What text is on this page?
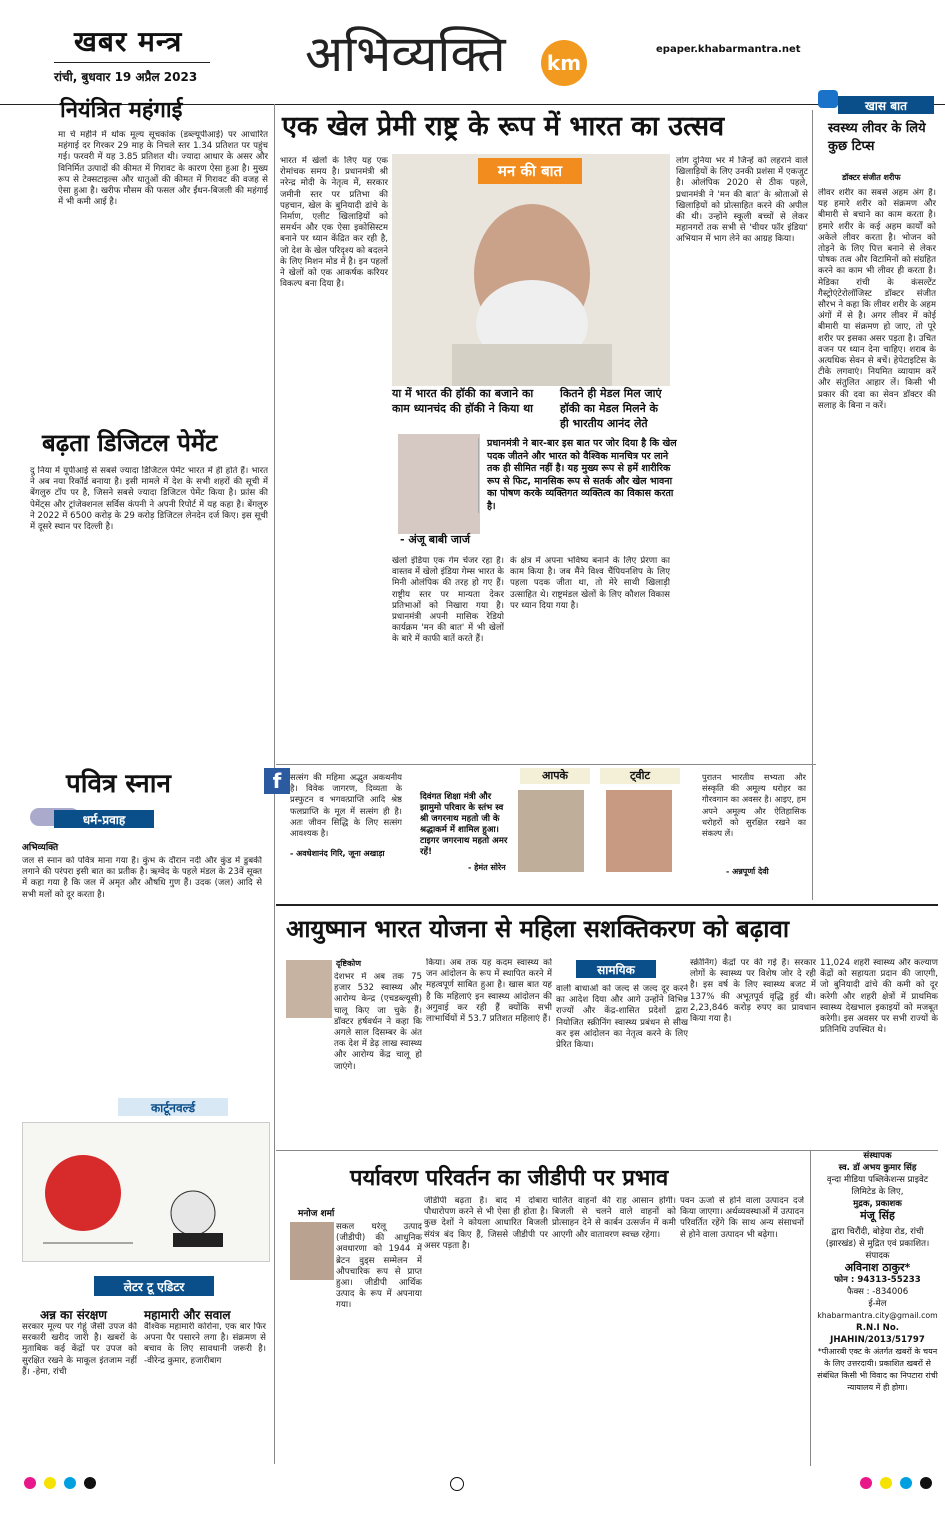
खबर मन्त्र
रांची, बुधवार 19 अप्रैल 2023 अभिव्यक्ति km
epaper.khabarmantra.net
नियंत्रित महंगाई
मा र्च महीने में थोक मूल्य सूचकांक (डब्ल्यूपीआई) पर आधारित महंगाई दर गिरकर 29 माह के निचले स्तर 1.34 प्रतिशत पर पहुंच गई। फरवरी में यह 3.85 प्रतिशत थी। ज्यादा आधार के असर और विनिर्मित उत्पादों की कीमत में गिरावट के कारण ऐसा हुआ है। मुख्य रूप से टेक्सटाइल्स और धातुओं की कीमत में गिरावट की वजह से ऐसा हुआ है। खरीफ मौसम की फसल और ईंधन-बिजली की महंगाई में भी कमी आई है।
बढ़ता डिजिटल पेमेंट
दु निया में यूपीआई से सबसे ज्यादा डिजिटल पेमेंट भारत में ही होते हैं। भारत ने अब नया रिकॉर्ड बनाया है। इसी मामले में देश के सभी शहरों की सूची में बेंगलुरु टॉप पर है, जिसने सबसे ज्यादा डिजिटल पेमेंट किया है। फ्रांस की पेमेंट्स और ट्रांजेक्शनल सर्विस कंपनी ने अपनी रिपोर्ट में यह कहा है। बेंगलुरु ने 2022 में 6500 करोड़ के 29 करोड़ डिजिटल लेनदेन दर्ज किए। इस सूची में दूसरे स्थान पर दिल्ली है।
पवित्र स्नान
धर्म-प्रवाह
अभिव्यक्ति
जल से स्नान को पवित्र माना गया है। कुंभ के दौरान नदी और कुंड में डुबकी लगाने की परंपरा इसी बात का प्रतीक है। ऋग्वेद के पहले मंडल के 23वें सूक्त में कहा गया है कि जल में अमृत और औषधि गुण हैं। उदक (जल) आदि से सभी मलों को दूर करता है।
कार्टूनवर्ल्ड
लेटर टू एडिटर
अन्न का संरक्षण
सरकार मूल्य पर गेहूं जैसी उपज की सरकारी खरीद जारी है। खबरों के मुताबिक कई केंद्रों पर उपज को सुरक्षित रखने के माकूल इंतजाम नहीं हैं। -हेमा, रांची
महामारी और सवाल
वैश्विक महामारी कोरोना, एक बार फिर अपना पैर पसारने लगा है। संक्रमण से बचाव के लिए सावधानी जरूरी है। -वीरेन्द्र कुमार, हजारीबाग
एक खेल प्रेमी राष्ट्र के रूप में भारत का उत्सव
मन की बात
या में भारत की हॉकी का बजाने का काम ध्यानचंद की हॉकी ने किया था
कितने ही मेडल मिल जाएं हॉकी का मेडल मिलने के ही भारतीय आनंद लेते
- अंजू बाबी जार्ज
प्रधानमंत्री ने बार-बार इस बात पर जोर दिया है कि खेल पदक जीतने और भारत को वैश्विक मानचित्र पर लाने तक ही सीमित नहीं है। यह मुख्य रूप से हमें शारीरिक रूप से फिट, मानसिक रूप से सतर्क और खेल भावना का पोषण करके व्यक्तिगत व्यक्तित्व का विकास करता है।
भारत में खेलों के लिए यह एक रोमांचक समय है। प्रधानमंत्री श्री नरेन्द्र मोदी के नेतृत्व में, सरकार जमीनी स्तर पर प्रतिभा की पहचान, खेल के बुनियादी ढांचे के निर्माण, एलीट खिलाड़ियों को समर्थन और एक ऐसा इकोसिस्टम बनाने पर ध्यान केंद्रित कर रही है, जो देश के खेल परिदृश्य को बदलने के लिए मिशन मोड में है। इन पहलों ने खेलों को एक आकर्षक करियर विकल्प बना दिया है।
खेलो इंडिया एक गेम चेंजर रहा है। वास्तव में खेलो इंडिया गेम्स भारत के मिनी ओलंपिक की तरह हो गए हैं। राष्ट्रीय स्तर पर मान्यता देकर प्रतिभाओं को निखारा गया है। प्रधानमंत्री अपनी मासिक रेडियो कार्यक्रम 'मन की बात' में भी खेलों के बारे में काफी बातें करते हैं।
के क्षेत्र में अपना भविष्य बनाने के लिए प्रेरणा का काम किया है। जब मैंने विश्व चैंपियनशिप के लिए पहला पदक जीता था, तो मेरे साथी खिलाड़ी उत्साहित थे। राष्ट्रमंडल खेलों के लिए कौशल विकास पर ध्यान दिया गया है।
लोग दुनिया भर में जिन्हें को लहराने वाले खिलाड़ियों के लिए उनकी प्रशंसा में एकजुट है। ओलंपिक 2020 से ठीक पहले, प्रधानमंत्री ने 'मन की बात' के श्रोताओं से खिलाड़ियों को प्रोत्साहित करने की अपील की थी। उन्होंने स्कूली बच्चों से लेकर महानगरों तक सभी से 'चीयर फॉर इंडिया' अभियान में भाग लेने का आग्रह किया।
f	सत्संग की महिमा अद्भुत अकथनीय है। विवेक जागरण, दिव्यता के प्रस्फुटन व भगवत्प्राप्ति आदि श्रेष्ठ फलप्राप्ति के मूल में सत्संग ही है। अतः जीवन सिद्धि के लिए सत्संग आवश्यक है।
- अवधेशानंद गिरि, जूना अखाड़ा
आपके	ट्वीट
दिवंगत शिक्षा मंत्री और झामुमो परिवार के स्तंभ स्व श्री जगरनाथ महतो जी के श्रद्धाकर्म में शामिल हुआ। टाइगर जगरनाथ महतो अमर रहें!
- हेमंत सोरेन
पुरातन भारतीय सभ्यता और संस्कृति की अमूल्य धरोहर का गौरवगान का अवसर है। आइए, हम अपने अमूल्य और ऐतिहासिक धरोहरों को सुरक्षित रखने का संकल्प लें।
- अन्नपूर्णा देवी
खास बात
स्वस्थ्य लीवर के लिये कुछ टिप्स
डॉक्टर संजीत शरीफ
लीवर शरीर का सबसे अहम अंग है। यह हमारे शरीर को संक्रमण और बीमारी से बचाने का काम करता है। हमारे शरीर के कई अहम कार्यों को अकेले लीवर करता है। भोजन को तोड़ने के लिए पित्त बनाने से लेकर पोषक तत्व और विटामिनों को संग्रहित करने का काम भी लीवर ही करता है। मेडिका रांची के कंसल्टेंट गैस्ट्रोएंटेरोलॉजिस्ट डॉक्टर संजीत सौरभ ने कहा कि लीवर शरीर के अहम अंगों में से है। अगर लीवर में कोई बीमारी या संक्रमण हो जाए, तो पूरे शरीर पर इसका असर पड़ता है। उचित वजन पर ध्यान देना चाहिए। शराब के अत्यधिक सेवन से बचें। हेपेटाइटिस के टीके लगवाएं। नियमित व्यायाम करें और संतुलित आहार लें। किसी भी प्रकार की दवा का सेवन डॉक्टर की सलाह के बिना न करें।
आयुष्मान भारत योजना से महिला सशक्तिकरण को बढ़ावा
दृष्टिकोण
देशभर में अब तक 75 हजार 532 स्वास्थ्य और आरोग्य केन्द्र (एचडब्ल्यूसी) चालू किए जा चुके हैं। डॉक्टर हर्षवर्धन ने कहा कि अगले साल दिसम्बर के अंत तक देश में डेढ़ लाख स्वास्थ्य और आरोग्य केंद्र चालू हो जाएंगे।
किया। अब तक यह कदम स्वास्थ्य को जन आंदोलन के रूप में स्थापित करने में महत्वपूर्ण साबित हुआ है। खास बात यह है कि महिलाएं इन स्वास्थ्य आंदोलन की अगुवाई कर रही हैं क्योंकि सभी लाभार्थियों में 53.7 प्रतिशत महिलाएं हैं।
सामयिक
वाली बाधाओं को जल्द से जल्द दूर करने का आदेश दिया और आगे उन्होंने विभिन्न राज्यों और केंद्र-शासित प्रदेशों द्वारा नियोजित स्क्रीनिंग स्वास्थ्य प्रबंधन से सीख कर इस आंदोलन का नेतृत्व करने के लिए प्रेरित किया।
स्क्रीनिंग) केंद्रों पर की गई हैं। सरकार लोगों के स्वास्थ्य पर विशेष जोर दे रही है। इस वर्ष के लिए स्वास्थ्य बजट में 137% की अभूतपूर्व वृद्धि हुई थी। 2,23,846 करोड़ रुपए का प्रावधान किया गया है।
11,024 शहरी स्वास्थ्य और कल्याण केंद्रों को सहायता प्रदान की जाएगी, जो बुनियादी ढांचे की कमी को दूर करेगी और शहरी क्षेत्रों में प्राथमिक स्वास्थ्य देखभाल इकाइयों को मजबूत करेगी। इस अवसर पर सभी राज्यों के प्रतिनिधि उपस्थित थे।
पर्यावरण परिवर्तन का जीडीपी पर प्रभाव
मनोज शर्मा
सकल घरेलू उत्पाद (जीडीपी) की आधुनिक अवधारणा को 1944 में ब्रेटन वुड्स सम्मेलन में औपचारिक रूप से प्राप्त हुआ। जीडीपी आर्थिक उत्पाद के रूप में अपनाया गया।
जीडीपी बढ़ता है। बाद में दोबारा पौधारोपण करने से भी ऐसा ही होता है। कुछ देशों ने कोयला आधारित बिजली संयंत्र बंद किए हैं, जिससे जीडीपी पर असर पड़ता है।
चालित वाहनों की राह आसान होगी। बिजली से चलने वाले वाहनों को प्रोत्साहन देने से कार्बन उत्सर्जन में कमी आएगी और वातावरण स्वच्छ रहेगा।
पवन ऊर्जा से होने वाला उत्पादन दर्ज किया जाएगा। अर्थव्यवस्थाओं में उत्पादन परिवर्तित रहेंगे कि साथ अन्य संसाधनों से होने वाला उत्पादन भी बढ़ेगा।
संस्थापक
स्व. डॉ अभय कुमार सिंह
वृन्दा मीडिया पब्लिकेशन्स प्राइवेट लिमिटेड के लिए,
मुद्रक, प्रकाशक
मंजू सिंह
द्वारा चिरौंदी, बोड़ेया रोड, रांची (झारखंड) से मुद्रित एवं प्रकाशित।
संपादक
अविनाश ठाकुर*
फोन : 94313-55233
फैक्स : -834006
ई-मेल
khabarmantra.city@gmail.com
R.N.I No.
JHAHIN/2013/51797
*पीआरबी एक्ट के अंतर्गत खबरों के चयन के लिए उत्तरदायी। प्रकाशित खबरों से संबंधित किसी भी विवाद का निपटारा रांची न्यायालय में ही होगा।
